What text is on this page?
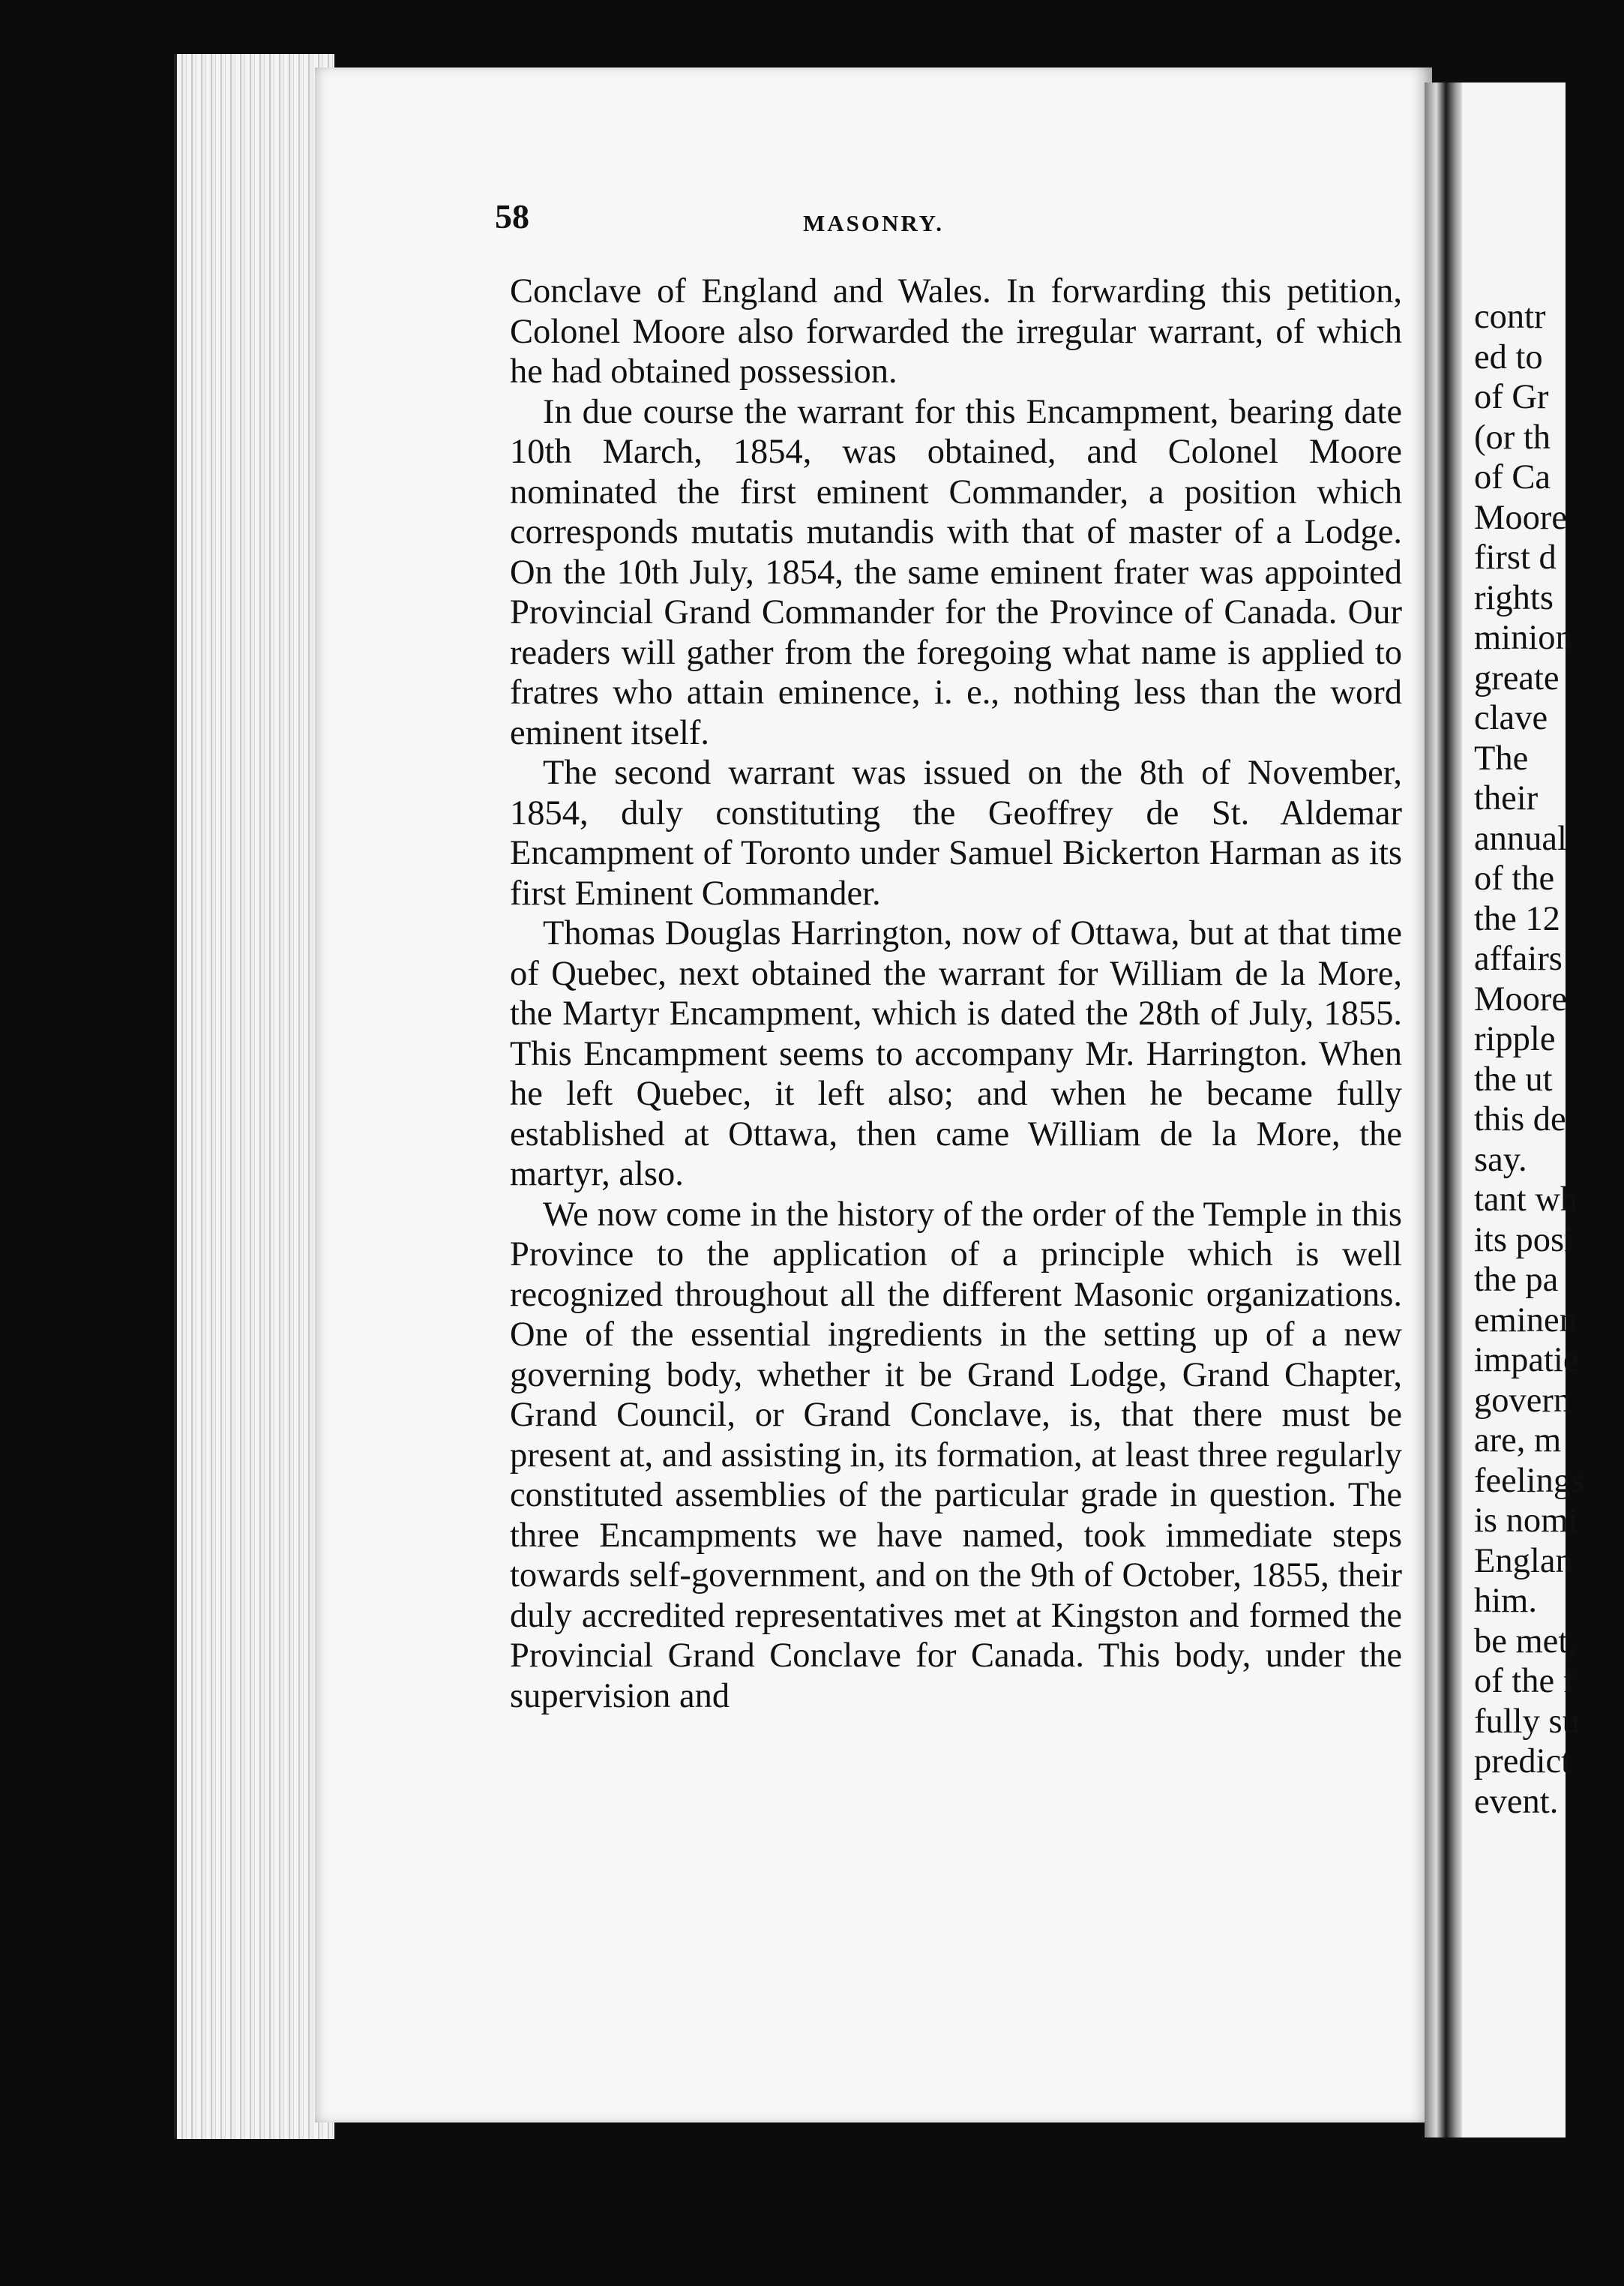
58	MASONRY.

Conclave of England and Wales. In forwarding this petition, Colonel Moore also forwarded the irregular warrant, of which he had obtained possession.

In due course the warrant for this Encampment, bearing date 10th March, 1854, was obtained, and Colonel Moore nominated the first eminent Commander, a position which corresponds mutatis mutandis with that of master of a Lodge. On the 10th July, 1854, the same eminent frater was appointed Provincial Grand Commander for the Province of Canada. Our readers will gather from the foregoing what name is applied to fratres who attain eminence, i. e., nothing less than the word eminent itself.

The second warrant was issued on the 8th of November, 1854, duly constituting the Geoffrey de St. Aldemar Encampment of Toronto under Samuel Bickerton Harman as its first Eminent Commander.

Thomas Douglas Harrington, now of Ottawa, but at that time of Quebec, next obtained the warrant for William de la More, the Martyr Encampment, which is dated the 28th of July, 1855. This Encampment seems to accompany Mr. Harrington. When he left Quebec, it left also; and when he became fully established at Ottawa, then came William de la More, the martyr, also.

We now come in the history of the order of the Temple in this Province to the application of a principle which is well recognized throughout all the different Masonic organizations. One of the essential ingredients in the setting up of a new governing body, whether it be Grand Lodge, Grand Chapter, Grand Council, or Grand Conclave, is, that there must be present at, and assisting in, its formation, at least three regularly constituted assemblies of the particular grade in question. The three Encampments we have named, took immediate steps towards self-government, and on the 9th of October, 1855, their duly accredited representatives met at Kingston and formed the Provincial Grand Conclave for Canada. This body, under the supervision and

contr
ed to
of Gr
(or th
of Ca
Moore
first d
rights
minion
greate
clave
The
their
annual
of the
the 12
affairs
Moore
ripple
the ut
this de
say.
tant wh
its posi
the pa
eminen
impatie
govern
are, m
feelings
is nomi
Englan
him.
be met,
of the f
fully su
predict
event.
